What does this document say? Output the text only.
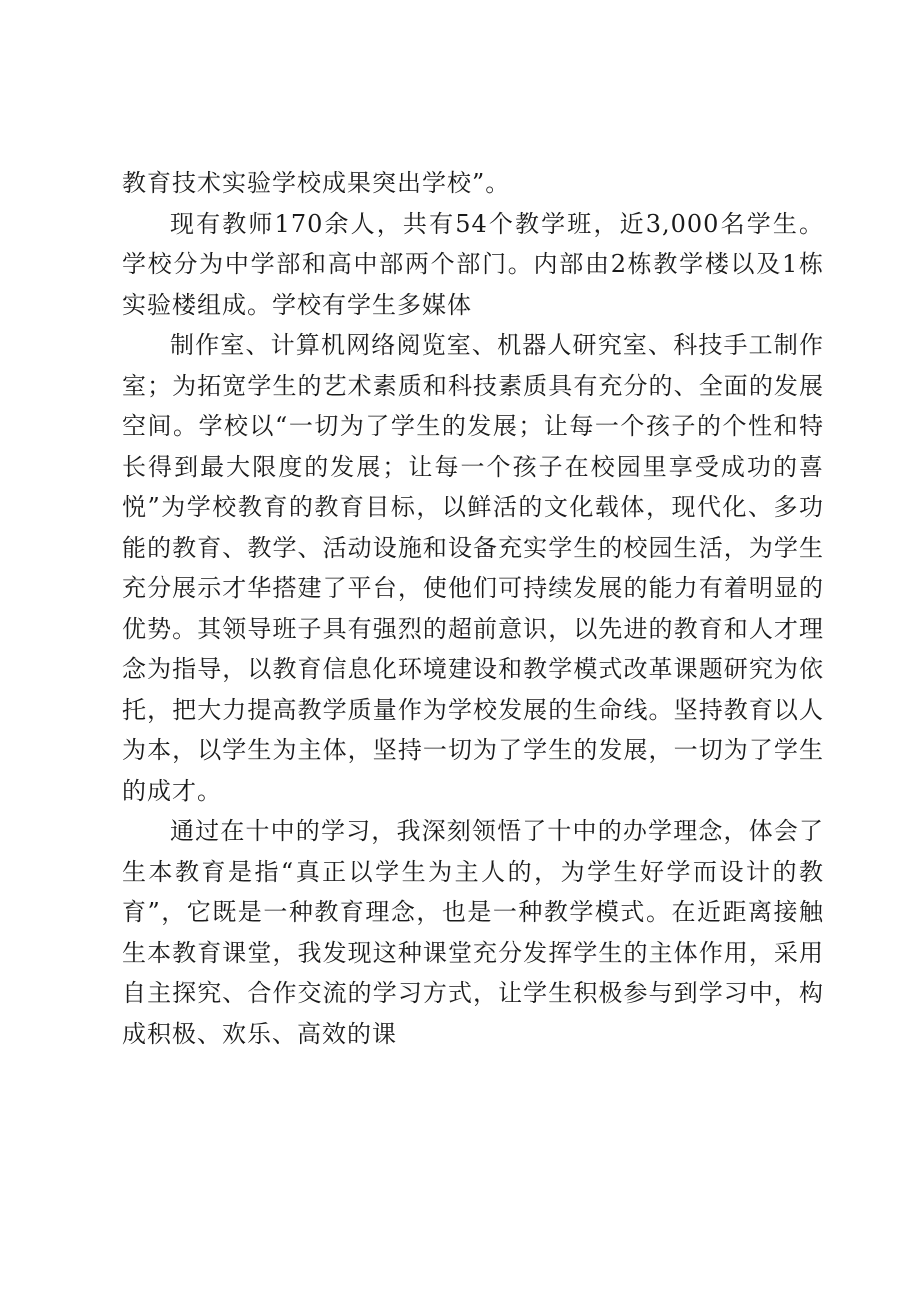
教育技术实验学校成果突出学校”。

现有教师170余人，共有54个教学班，近3,000名学生。学校分为中学部和高中部两个部门。内部由2栋教学楼以及1栋实验楼组成。学校有学生多媒体

制作室、计算机网络阅览室、机器人研究室、科技手工制作室；为拓宽学生的艺术素质和科技素质具有充分的、全面的发展空间。学校以“一切为了学生的发展；让每一个孩子的个性和特长得到最大限度的发展；让每一个孩子在校园里享受成功的喜悦”为学校教育的教育目标，以鲜活的文化载体，现代化、多功能的教育、教学、活动设施和设备充实学生的校园生活，为学生充分展示才华搭建了平台，使他们可持续发展的能力有着明显的优势。其领导班子具有强烈的超前意识，以先进的教育和人才理念为指导，以教育信息化环境建设和教学模式改革课题研究为依托，把大力提高教学质量作为学校发展的生命线。坚持教育以人为本，以学生为主体，坚持一切为了学生的发展，一切为了学生的成才。

通过在十中的学习，我深刻领悟了十中的办学理念，体会了生本教育是指“真正以学生为主人的，为学生好学而设计的教育”，它既是一种教育理念，也是一种教学模式。在近距离接触生本教育课堂，我发现这种课堂充分发挥学生的主体作用，采用自主探究、合作交流的学习方式，让学生积极参与到学习中，构成积极、欢乐、高效的课
